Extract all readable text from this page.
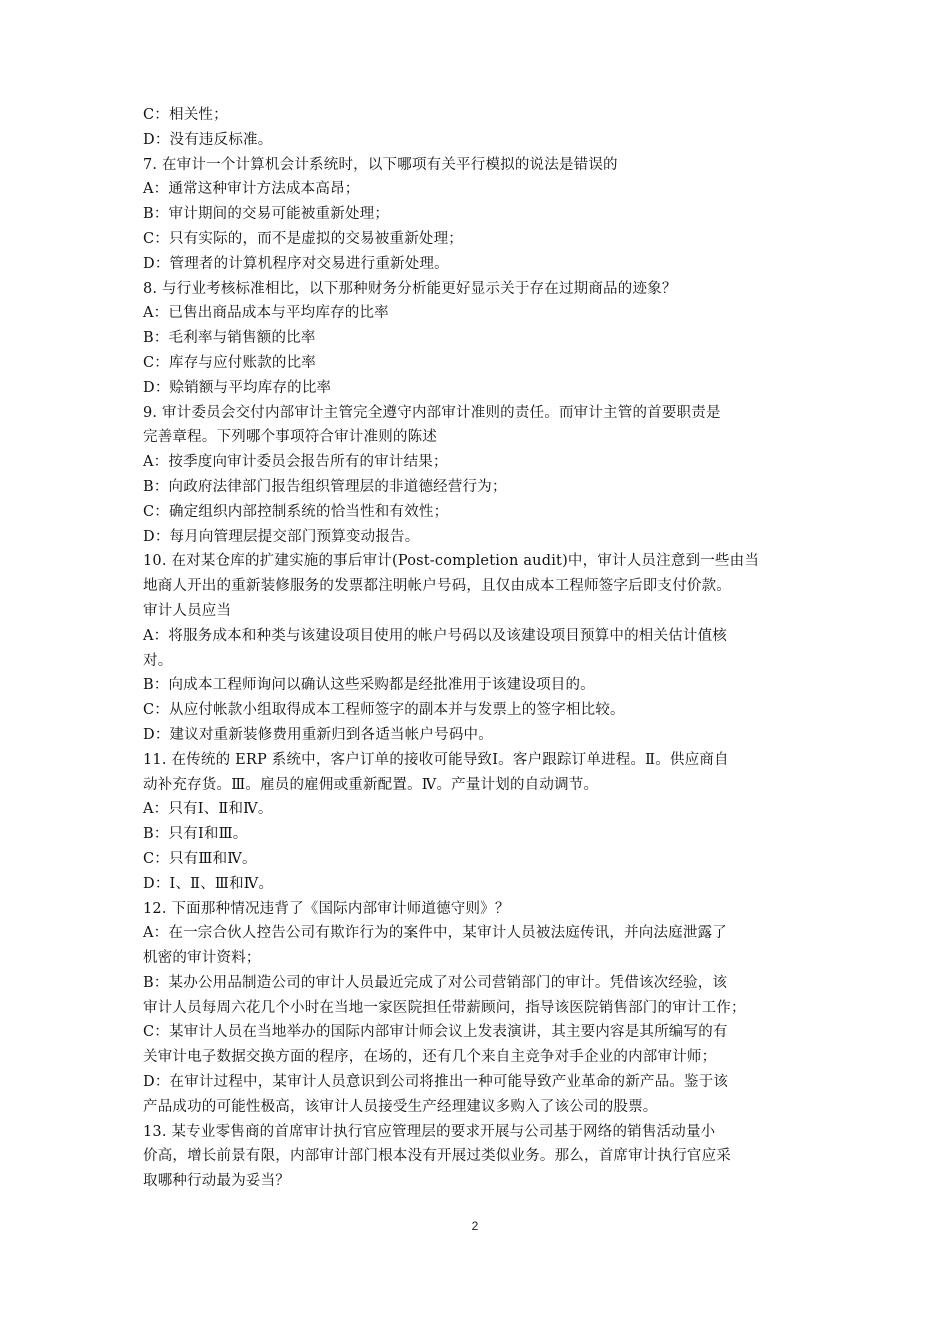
C：相关性；
D：没有违反标准。
7. 在审计一个计算机会计系统时，以下哪项有关平行模拟的说法是错误的
A：通常这种审计方法成本高昂；
B：审计期间的交易可能被重新处理；
C：只有实际的，而不是虚拟的交易被重新处理；
D：管理者的计算机程序对交易进行重新处理。
8. 与行业考核标准相比，以下那种财务分析能更好显示关于存在过期商品的迹象？
A：已售出商品成本与平均库存的比率
B：毛利率与销售额的比率
C：库存与应付账款的比率
D：赊销额与平均库存的比率
9. 审计委员会交付内部审计主管完全遵守内部审计准则的责任。而审计主管的首要职责是
完善章程。下列哪个事项符合审计准则的陈述
A：按季度向审计委员会报告所有的审计结果；
B：向政府法律部门报告组织管理层的非道德经营行为；
C：确定组织内部控制系统的恰当性和有效性；
D：每月向管理层提交部门预算变动报告。
10. 在对某仓库的扩建实施的事后审计(Post-completion audit)中，审计人员注意到一些由当
地商人开出的重新装修服务的发票都注明帐户号码，且仅由成本工程师签字后即支付价款。
审计人员应当
A：将服务成本和种类与该建设项目使用的帐户号码以及该建设项目预算中的相关估计值核
对。
B：向成本工程师询问以确认这些采购都是经批准用于该建设项目的。
C：从应付帐款小组取得成本工程师签字的副本并与发票上的签字相比较。
D：建议对重新装修费用重新归到各适当帐户号码中。
11. 在传统的 ERP 系统中，客户订单的接收可能导致Ⅰ。客户跟踪订单进程。Ⅱ。供应商自
动补充存货。Ⅲ。雇员的雇佣或重新配置。Ⅳ。产量计划的自动调节。
A：只有Ⅰ、Ⅱ和Ⅳ。
B：只有Ⅰ和Ⅲ。
C：只有Ⅲ和Ⅳ。
D：Ⅰ、Ⅱ、Ⅲ和Ⅳ。
12. 下面那种情况违背了《国际内部审计师道德守则》？
A：在一宗合伙人控告公司有欺诈行为的案件中，某审计人员被法庭传讯，并向法庭泄露了
机密的审计资料；
B：某办公用品制造公司的审计人员最近完成了对公司营销部门的审计。凭借该次经验，该
审计人员每周六花几个小时在当地一家医院担任带薪顾问，指导该医院销售部门的审计工作；
C：某审计人员在当地举办的国际内部审计师会议上发表演讲，其主要内容是其所编写的有
关审计电子数据交换方面的程序，在场的，还有几个来自主竞争对手企业的内部审计师；
D：在审计过程中，某审计人员意识到公司将推出一种可能导致产业革命的新产品。鉴于该
产品成功的可能性极高，该审计人员接受生产经理建议多购入了该公司的股票。
13. 某专业零售商的首席审计执行官应管理层的要求开展与公司基于网络的销售活动量小
价高，增长前景有限，内部审计部门根本没有开展过类似业务。那么，首席审计执行官应采
取哪种行动最为妥当？
2
